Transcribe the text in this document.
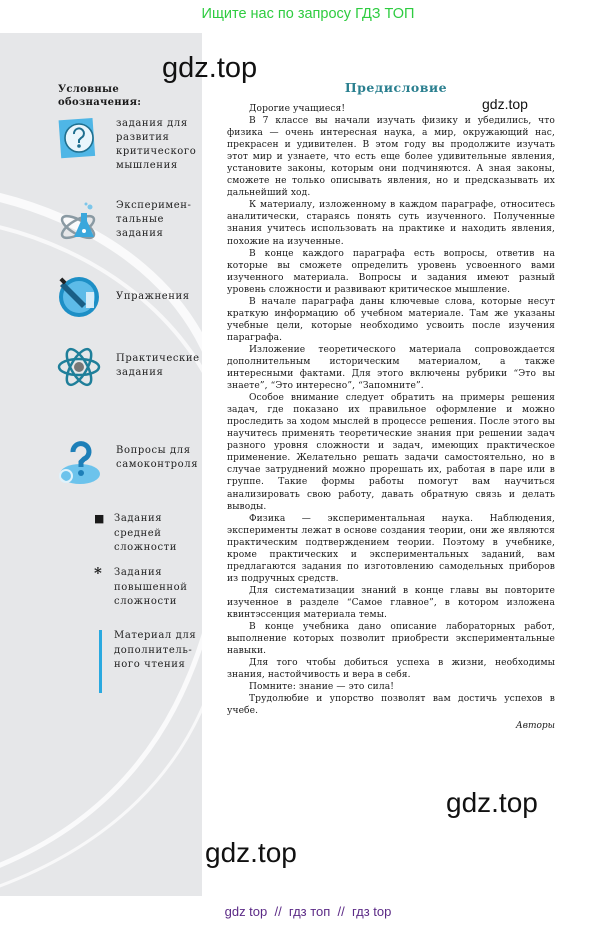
Ищите нас по запросу ГДЗ ТОП
Условные
обозначения:
задания для
развития
критического
мышления
Эксперимен-
тальные
задания
Упражнения
Практические
задания
Вопросы для
самоконтроля
■ Задания
средней
сложности
*	Задания
повышенной
сложности
Материал для
дополнитель-
ного чтения
Предисловие

Дорогие учащиеся!

В 7 классе вы начали изучать физику и убедились, что физика — очень интересная наука, а мир, окружающий нас, прекрасен и удивителен. В этом году вы продолжите изучать этот мир и узнаете, что есть еще более удивительные явления, установите законы, которым они подчиняются. А зная законы, сможете не только описывать явления, но и предсказывать их дальнейший ход.

К материалу, изложенному в каждом параграфе, относитесь аналитически, стараясь понять суть изученного. Полученные знания учитесь использовать на практике и находить явления, похожие на изученные.

В конце каждого параграфа есть вопросы, ответив на которые вы сможете определить уровень усвоенного вами изученного материала. Вопросы и задания имеют разный уровень сложности и развивают критическое мышление.

В начале параграфа даны ключевые слова, которые несут краткую информацию об учебном материале. Там же указаны учебные цели, которые необходимо усвоить после изучения параграфа.

Изложение теоретического материала сопровождается дополнительным историческим материалом, а также интересными фактами. Для этого включены рубрики “Это вы знаете”, “Это интересно”, “Запомните”.

Особое внимание следует обратить на примеры решения задач, где показано их правильное оформление и можно проследить за ходом мыслей в процессе решения. После этого вы научитесь применять теоретические знания при решении задач разного уровня сложности и задач, имеющих практическое применение. Желательно решать задачи самостоятельно, но в случае затруднений можно прорешать их, работая в паре или в группе. Такие формы работы помогут вам научиться анализировать свою работу, давать обратную связь и делать выводы.

Физика — экспериментальная наука. Наблюдения, эксперименты лежат в основе создания теории, они же являются практическим подтверждением теории. Поэтому в учебнике, кроме практических и экспериментальных заданий, вам предлагаются задания по изготовлению самодельных приборов из подручных средств.

Для систематизации знаний в конце главы вы повторите изученное в разделе “Самое главное”, в котором изложена квинтэссенция материала темы.

В конце учебника дано описание лабораторных работ, выполнение которых позволит приобрести экспериментальные навыки.

Для того чтобы добиться успеха в жизни, необходимы знания, настойчивость и вера в себя.

Помните: знание — это сила!

Трудолюбие и упорство позволят вам достичь успехов в учебе.

Авторы
gdz.top
gdz.top
gdz.top
gdz.top
gdz top  //  гдз топ  //  гдз top
